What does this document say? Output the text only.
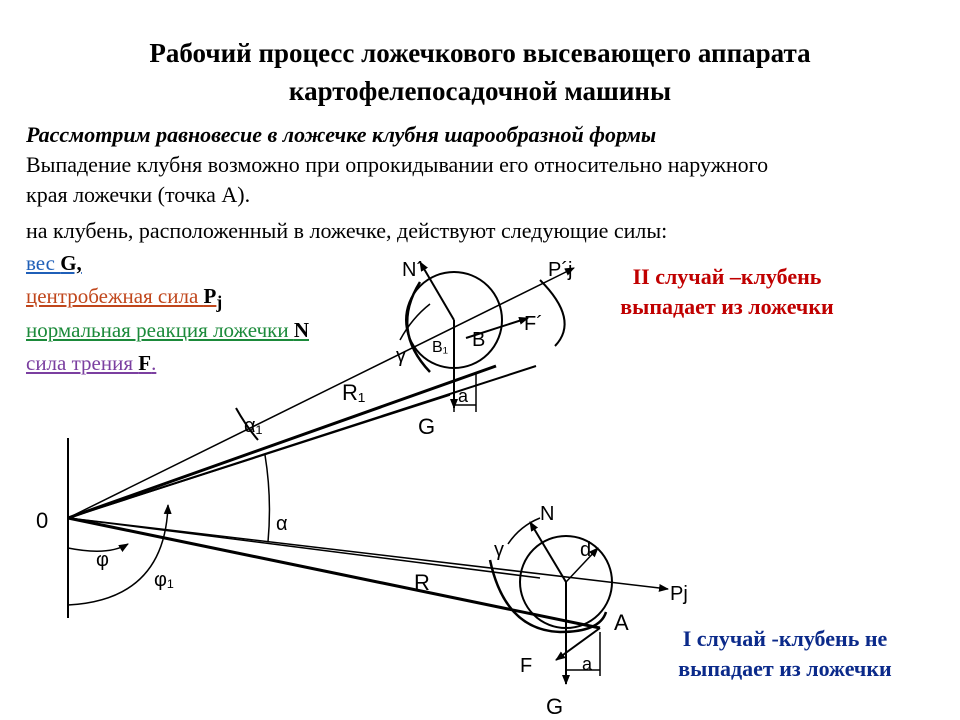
Рабочий процесс ложечкового высевающего аппарата
картофелепосадочной машины
Рассмотрим равновесие в ложечке клубня шарообразной формы
Выпадение клубня возможно при опрокидывании его относительно наружного
края ложечки (точка А).
на клубень, расположенный в ложечке, действуют следующие силы:
вес G,
центробежная сила $P_j$
нормальная реакция ложечки N
сила трения F.
II случай –клубень
выпадает из ложечки
I случай -клубень не
выпадает из ложечки
0
α₁
α
φ
φ₁
R₁
R
N´	P´j
F´
γ B₁ B
a
G
N
γ	d
Pj
A
F	a
G
